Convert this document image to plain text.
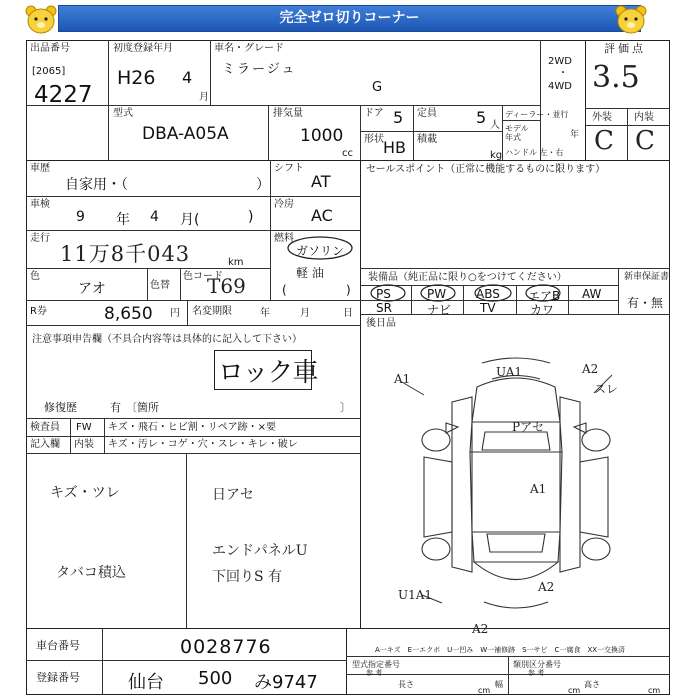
完全ゼロ切りコーナー
出品番号
[2065]
4227
初度登録年月
H26 4
月
車名・グレード
ミラージュ
G
2WD
・
4WD
評価点
3.5
外装 内装
C C
型式
DBA-A05A
排気量
1000
cc
ドア 5 定員 5 人
形状 HB 積載
kg
ディーラー・並行
モデル年式	年
ハンドル 左・右
車歴
自家用・（	）
車検
9 年 4 月(	)
走行
11万8千043	km
色
アオ	色替
色コード
T69
シフト
AT
冷房
AC
燃料
ガソリン
軽 油
(	)
R券	8,650 円 名変期限	年	月	日
セールスポイント（正常に機能するものに限ります）
装備品（純正品に限り○をつけてください）
PS	PW ABS エアB AW
SR	ナビ TV	カワ
新車保証書
有・無
後日品
注意事項申告欄（不具合内容等は具体的に記入して下さい）
ロック車
修復歴	有 〔箇所	〕
検査員
記入欄
FW キズ・飛石・ヒビ割・リペア跡・×要
内装 キズ・汚レ・コゲ・穴・スレ・キレ・破レ
キズ・ツレ	日アセ
エンドパネルU
下回りS 有
タバコ積込
A1	UA1	A2
スレ
Pアセ
A1
A2
U1A1
A2
A一キズ　E一エクボ　U一凹み　W一補修跡　S一サビ　C一腐食　XX一交換済
型式指定番号
参 考
類別区分番号
参 考
長さ
cm
幅
cm
高さ
cm
車台番号	0028776
登録番号	仙台 500 み9747
